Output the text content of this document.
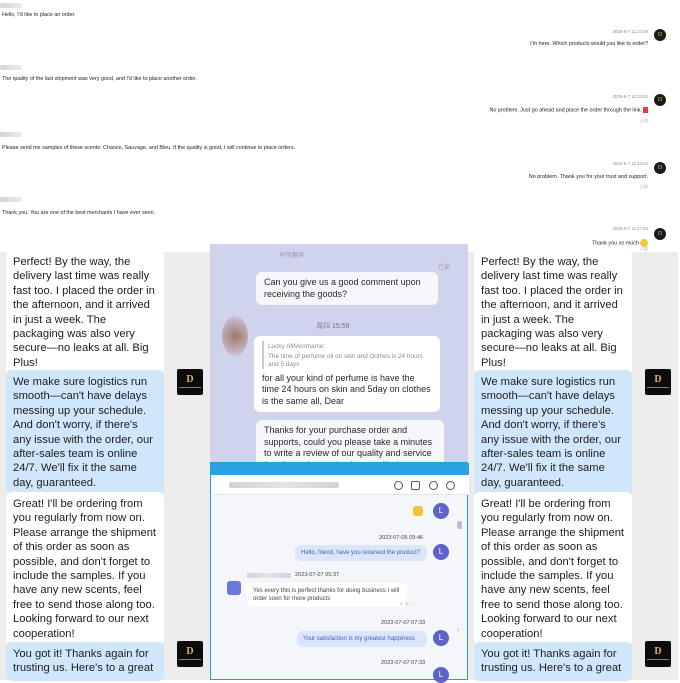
Hello, I'd like to place an order.
2025-8-7 11:23:49
D
I'm here. Which products would you like to order?
The quality of the last shipment was very good, and I'd like to place another order.
2025-8-7 11:23:42
D
No problem. Just go ahead and place the order through the link.
已读
Please send me samples of these scents: Chance, Sauvage, and Bleu. If the quality is good, I will continue to place orders.
2025-8-7 11:24:24
D
No problem. Thank you for your trust and support.
已读
Thank you. You are one of the best merchants I have ever seen.
2025-8-7 11:27:53
D
Thank you so much
已读
Perfect! By the way, the delivery last time was really fast too. I placed the order in the afternoon, and it arrived in just a week. The packaging was also very secure—no leaks at all. Big Plus!
We make sure logistics run smooth—can't have delays messing up your schedule. And don't worry, if there's any issue with the order, our after-sales team is online 24/7. We'll fix it the same day, guaranteed.
D
Great! I'll be ordering from you regularly from now on. Please arrange the shipment of this order as soon as possible, and don't forget to include the samples. If you have any new scents, feel free to send those along too. Looking forward to our next cooperation!
You got it! Thanks again for trusting us. Here's to a great
D
Perfect! By the way, the delivery last time was really fast too. I placed the order in the afternoon, and it arrived in just a week. The packaging was also very secure—no leaks at all. Big Plus!
We make sure logistics run smooth—can't have delays messing up your schedule. And don't worry, if there's any issue with the order, our after-sales team is online 24/7. We'll fix it the same day, guaranteed.
D
Great! I'll be ordering from you regularly from now on. Please arrange the shipment of this order as soon as possible, and don't forget to include the samples. If you have any new scents, feel free to send those along too. Looking forward to our next cooperation!
You got it! Thanks again for trusting us. Here's to a great
D
阿里翻译
已读
Can you give us a good comment upon receiving the goods?
周四 15:56
Lucky AMAromame:
The time of perfume oil on skin and clothes is 24 hours and 5 days
for all your kind of perfume is have the time 24 hours on skin and 5day on clothes is the same all, Dear
Thanks for your purchase order and supports, could you please take a minutes to write a review of our quality and service
L
2023-07-05 09:46
Hello, friend, have you received the product?	L
2023-07-07 05:37
Yes every this is perfect thanks for doing business I will order soon for more products
☺ ↻ ⋯
2023-07-07 07:33
Your satisfaction is my greatest happiness	L
›
2023-07-07 07:33
L
